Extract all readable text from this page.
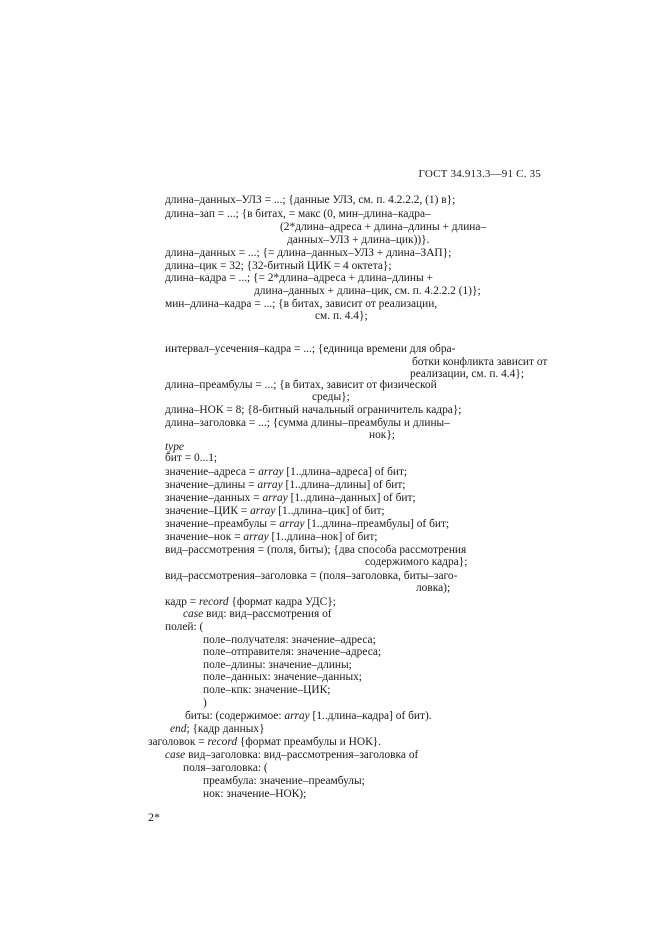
ГОСТ 34.913.3—91 С. 35
длина–данных–УЛЗ = ...; {данные УЛЗ, см. п. 4.2.2.2, (1) в};
длина–зап = ...; {в битах, = макс (0, мин–длина–кадра–
(2*длина–адреса + длина–длины + длина–
данных–УЛЗ + длина–цик))}.
длина–данных = ...; {= длина–данных–УЛЗ + длина–ЗАП};
длина–цик = 32; {32-битный ЦИК = 4 октета};
длина–кадра = ...; {= 2*длина–адреса + длина–длины +
длина–данных + длина–цик, см. п. 4.2.2.2 (1)};
мин–длина–кадра = ...; {в битах, зависит от реализации,
см. п. 4.4};
интервал–усечения–кадра = ...; {единица времени для обра-
ботки конфликта зависит от
реализации, см. п. 4.4};
длина–преамбулы = ...; {в битах, зависит от физической
среды};
длина–НОК = 8; {8-битный начальный ограничитель кадра};
длина–заголовка = ...; {сумма длины–преамбулы и длины–
нок};
type
бит = 0...1;
значение–адреса = array [1..длина–адреса] of бит;
значение–длины = array [1..длина–длины] of бит;
значение–данных = array [1..длина–данных] of бит;
значение–ЦИК = array [1..длина–цик] of бит;
значение–преамбулы = array [1..длина–преамбулы] of бит;
значение–нок = array [1..длина–нок] of бит;
вид–рассмотрения = (поля, биты); {два способа рассмотрения
содержимого кадра};
вид–рассмотрения–заголовка = (поля–заголовка, биты–заго-
ловка);
кадр = record {формат кадра УДС};
case вид: вид–рассмотрения of
полей: (
поле–получателя: значение–адреса;
поле–отправителя: значение–адреса;
поле–длины: значение–длины;
поле–данных: значение–данных;
поле–кпк: значение–ЦИК;
)
биты: (содержимое: array [1..длина–кадра] of бит).
end; {кадр данных}
заголовок = record {формат преамбулы и НОК}.
case вид–заголовка: вид–рассмотрения–заголовка of
поля–заголовка: (
преамбула: значение–преамбулы;
нок: значение–НОК);
2*
